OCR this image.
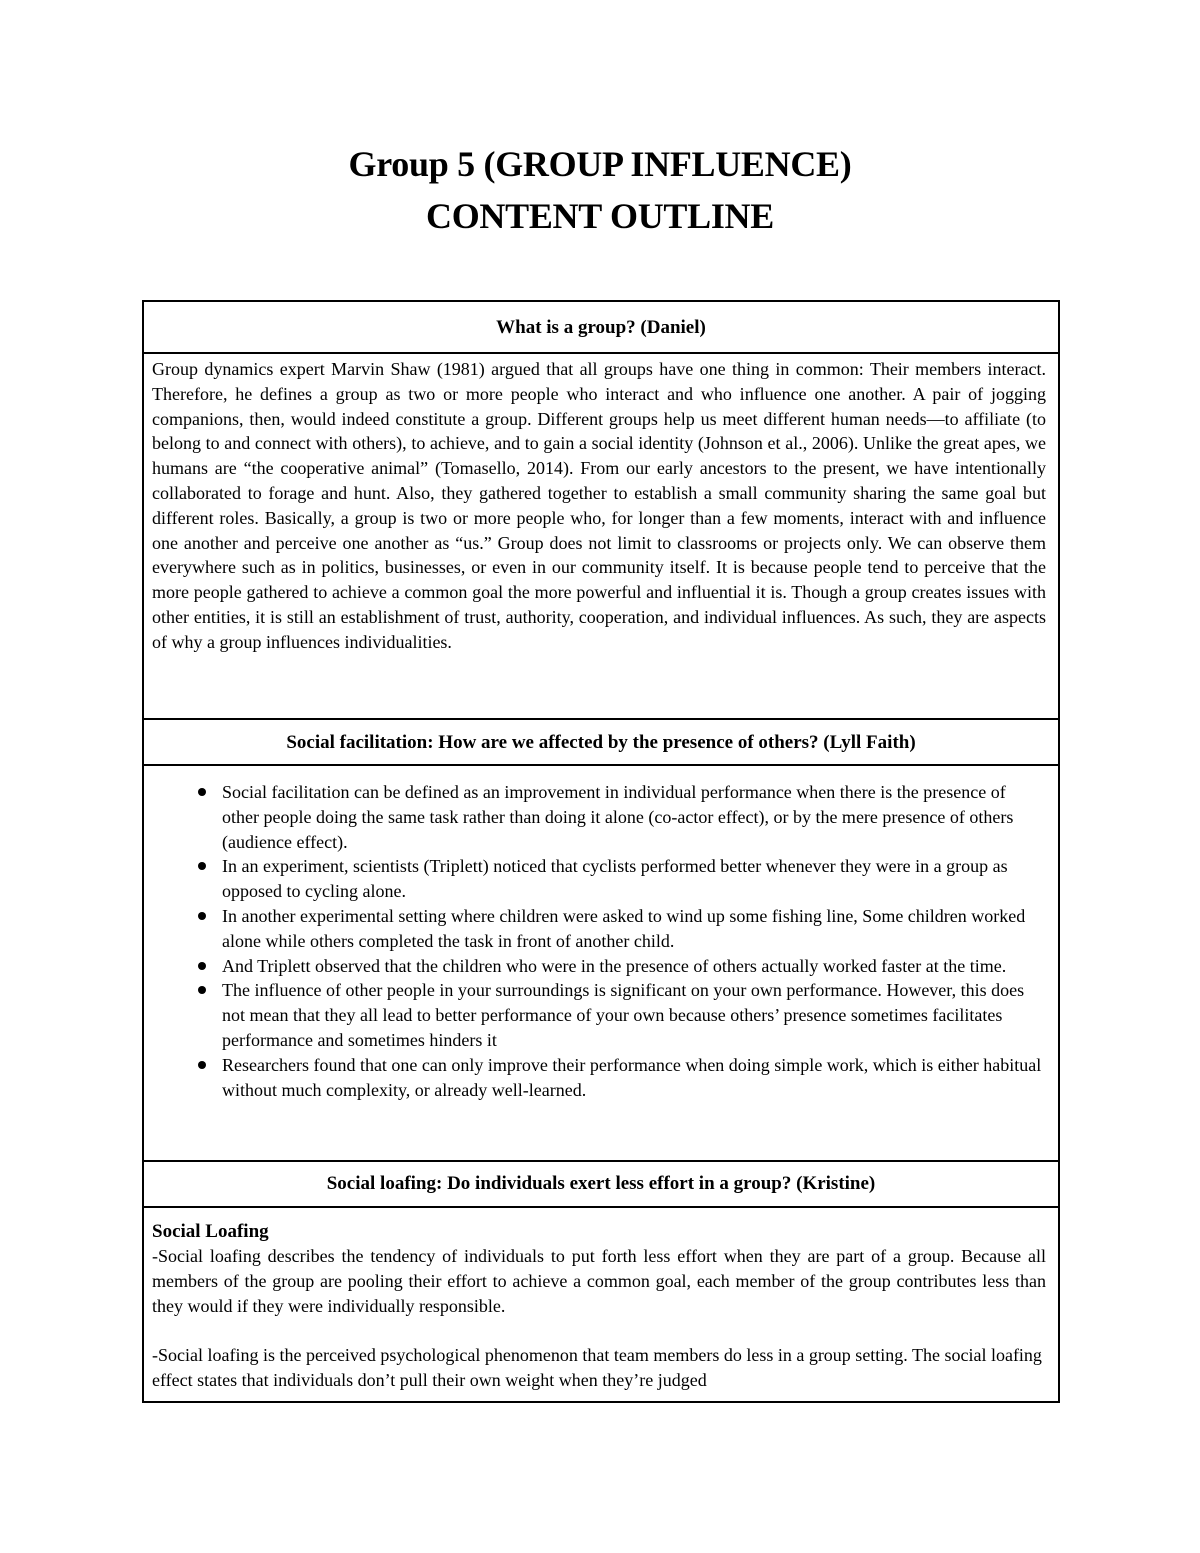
Group 5 (GROUP INFLUENCE)
CONTENT OUTLINE
What is a group? (Daniel)

Group dynamics expert Marvin Shaw (1981) argued that all groups have one thing in common: Their members interact. Therefore, he defines a group as two or more people who interact and who influence one another. A pair of jogging companions, then, would indeed constitute a group. Different groups help us meet different human needs—to affiliate (to belong to and connect with others), to achieve, and to gain a social identity (Johnson et al., 2006). Unlike the great apes, we humans are “the cooperative animal” (Tomasello, 2014). From our early ancestors to the present, we have intentionally collaborated to forage and hunt. Also, they gathered together to establish a small community sharing the same goal but different roles. Basically, a group is two or more people who, for longer than a few moments, interact with and influence one another and perceive one another as “us.” Group does not limit to classrooms or projects only. We can observe them everywhere such as in politics, businesses, or even in our community itself. It is because people tend to perceive that the more people gathered to achieve a common goal the more powerful and influential it is. Though a group creates issues with other entities, it is still an establishment of trust, authority, cooperation, and individual influences. As such, they are aspects of why a group influences individualities.

Social facilitation: How are we affected by the presence of others? (Lyll Faith)
Social facilitation can be defined as an improvement in individual performance when there is the presence of other people doing the same task rather than doing it alone (co-actor effect), or by the mere presence of others (audience effect).
In an experiment, scientists (Triplett) noticed that cyclists performed better whenever they were in a group as opposed to cycling alone.
In another experimental setting where children were asked to wind up some fishing line, Some children worked alone while others completed the task in front of another child.
And Triplett observed that the children who were in the presence of others actually worked faster at the time.
The influence of other people in your surroundings is significant on your own performance. However, this does not mean that they all lead to better performance of your own because others’ presence sometimes facilitates performance and sometimes hinders it
Researchers found that one can only improve their performance when doing simple work, which is either habitual without much complexity, or already well-learned.
Social loafing: Do individuals exert less effort in a group? (Kristine)
Social Loafing

-Social loafing describes the tendency of individuals to put forth less effort when they are part of a group. Because all members of the group are pooling their effort to achieve a common goal, each member of the group contributes less than they would if they were individually responsible.

-Social loafing is the perceived psychological phenomenon that team members do less in a group setting. The social loafing effect states that individuals don’t pull their own weight when they’re judged
